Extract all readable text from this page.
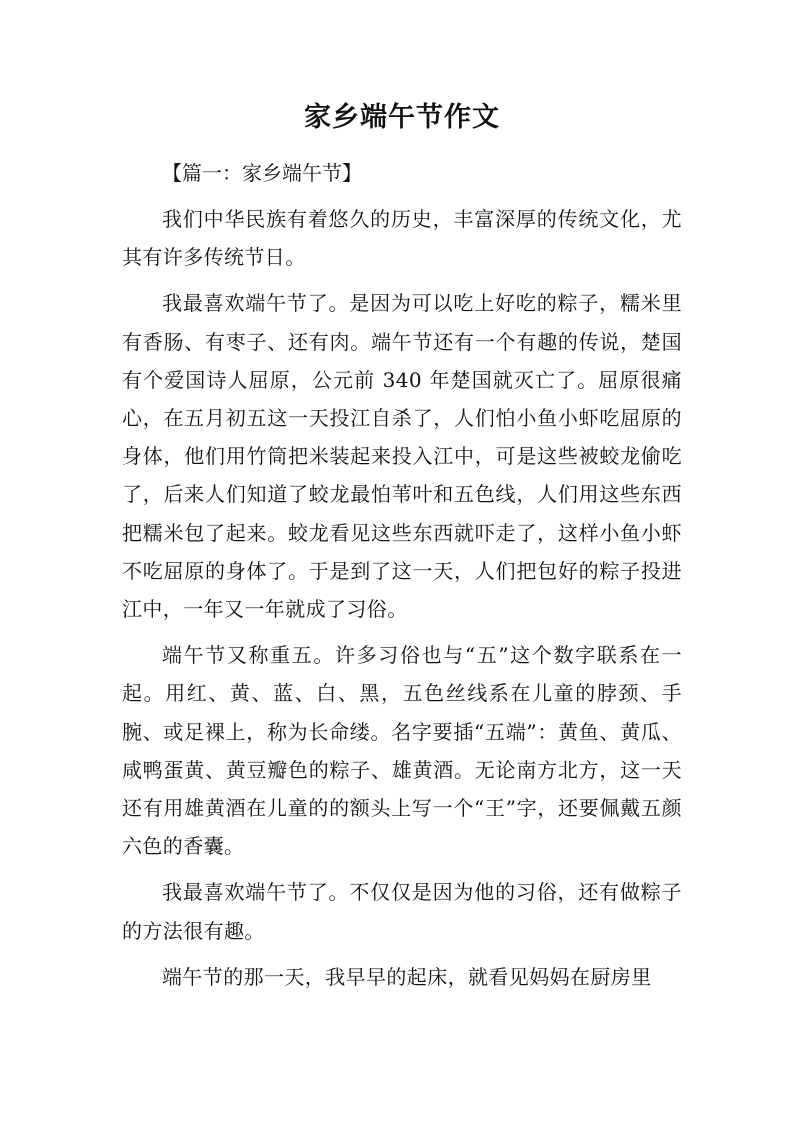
家乡端午节作文

【篇一：家乡端午节】

我们中华民族有着悠久的历史，丰富深厚的传统文化，尤其有许多传统节日。

我最喜欢端午节了。是因为可以吃上好吃的粽子，糯米里有香肠、有枣子、还有肉。端午节还有一个有趣的传说，楚国有个爱国诗人屈原，公元前 340 年楚国就灭亡了。屈原很痛心，在五月初五这一天投江自杀了，人们怕小鱼小虾吃屈原的身体，他们用竹筒把米装起来投入江中，可是这些被蛟龙偷吃了，后来人们知道了蛟龙最怕苇叶和五色线，人们用这些东西把糯米包了起来。蛟龙看见这些东西就吓走了，这样小鱼小虾不吃屈原的身体了。于是到了这一天，人们把包好的粽子投进江中，一年又一年就成了习俗。

端午节又称重五。许多习俗也与“五”这个数字联系在一起。用红、黄、蓝、白、黑，五色丝线系在儿童的脖颈、手腕、或足裸上，称为长命缕。名字要插“五端”：黄鱼、黄瓜、咸鸭蛋黄、黄豆瓣色的粽子、雄黄酒。无论南方北方，这一天还有用雄黄酒在儿童的的额头上写一个“王”字，还要佩戴五颜六色的香囊。

我最喜欢端午节了。不仅仅是因为他的习俗，还有做粽子的方法很有趣。

端午节的那一天，我早早的起床，就看见妈妈在厨房里
